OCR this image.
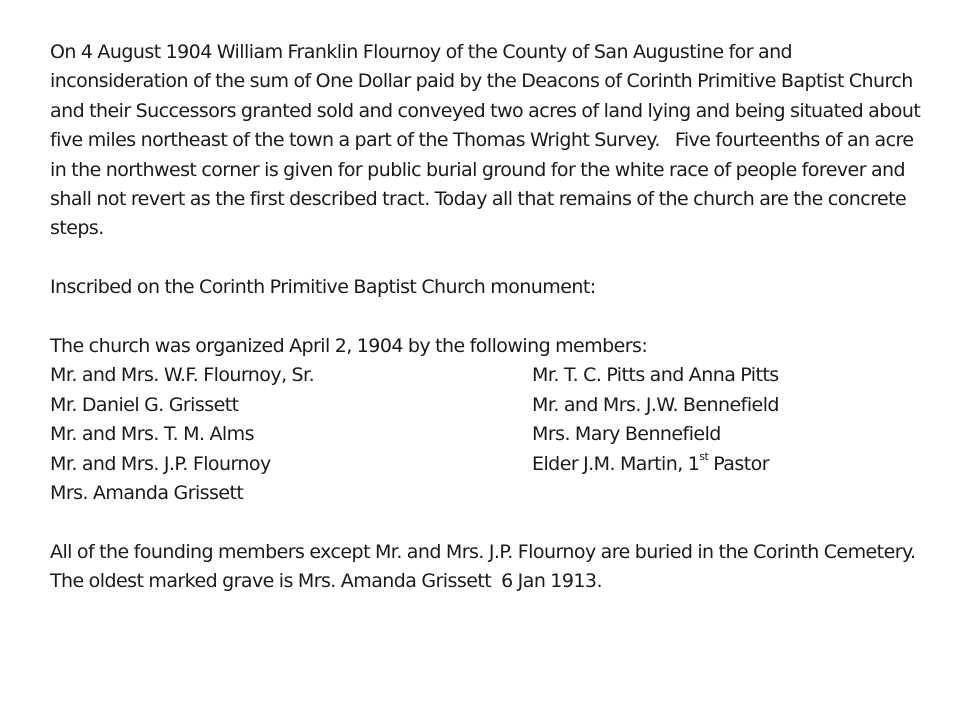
On 4 August 1904 William Franklin Flournoy of the County of San Augustine for and inconsideration of the sum of One Dollar paid by the Deacons of Corinth Primitive Baptist Church and their Successors granted sold and conveyed two acres of land lying and being situated about five miles northeast of the town a part of the Thomas Wright Survey.   Five fourteenths of an acre in the northwest corner is given for public burial ground for the white race of people forever and shall not revert as the first described tract. Today all that remains of the church are the concrete steps.

Inscribed on the Corinth Primitive Baptist Church monument:

The church was organized April 2, 1904 by the following members:

Mr. and Mrs. W.F. Flournoy, Sr.	Mr. T. C. Pitts and Anna Pitts
Mr. Daniel G. Grissett	Mr. and Mrs. J.W. Bennefield
Mr. and Mrs. T. M. Alms	Mrs. Mary Bennefield
Mr. and Mrs. J.P. Flournoy	Elder J.M. Martin, 1st Pastor
Mrs. Amanda Grissett

All of the founding members except Mr. and Mrs. J.P. Flournoy are buried in the Corinth Cemetery. The oldest marked grave is Mrs. Amanda Grissett  6 Jan 1913.
